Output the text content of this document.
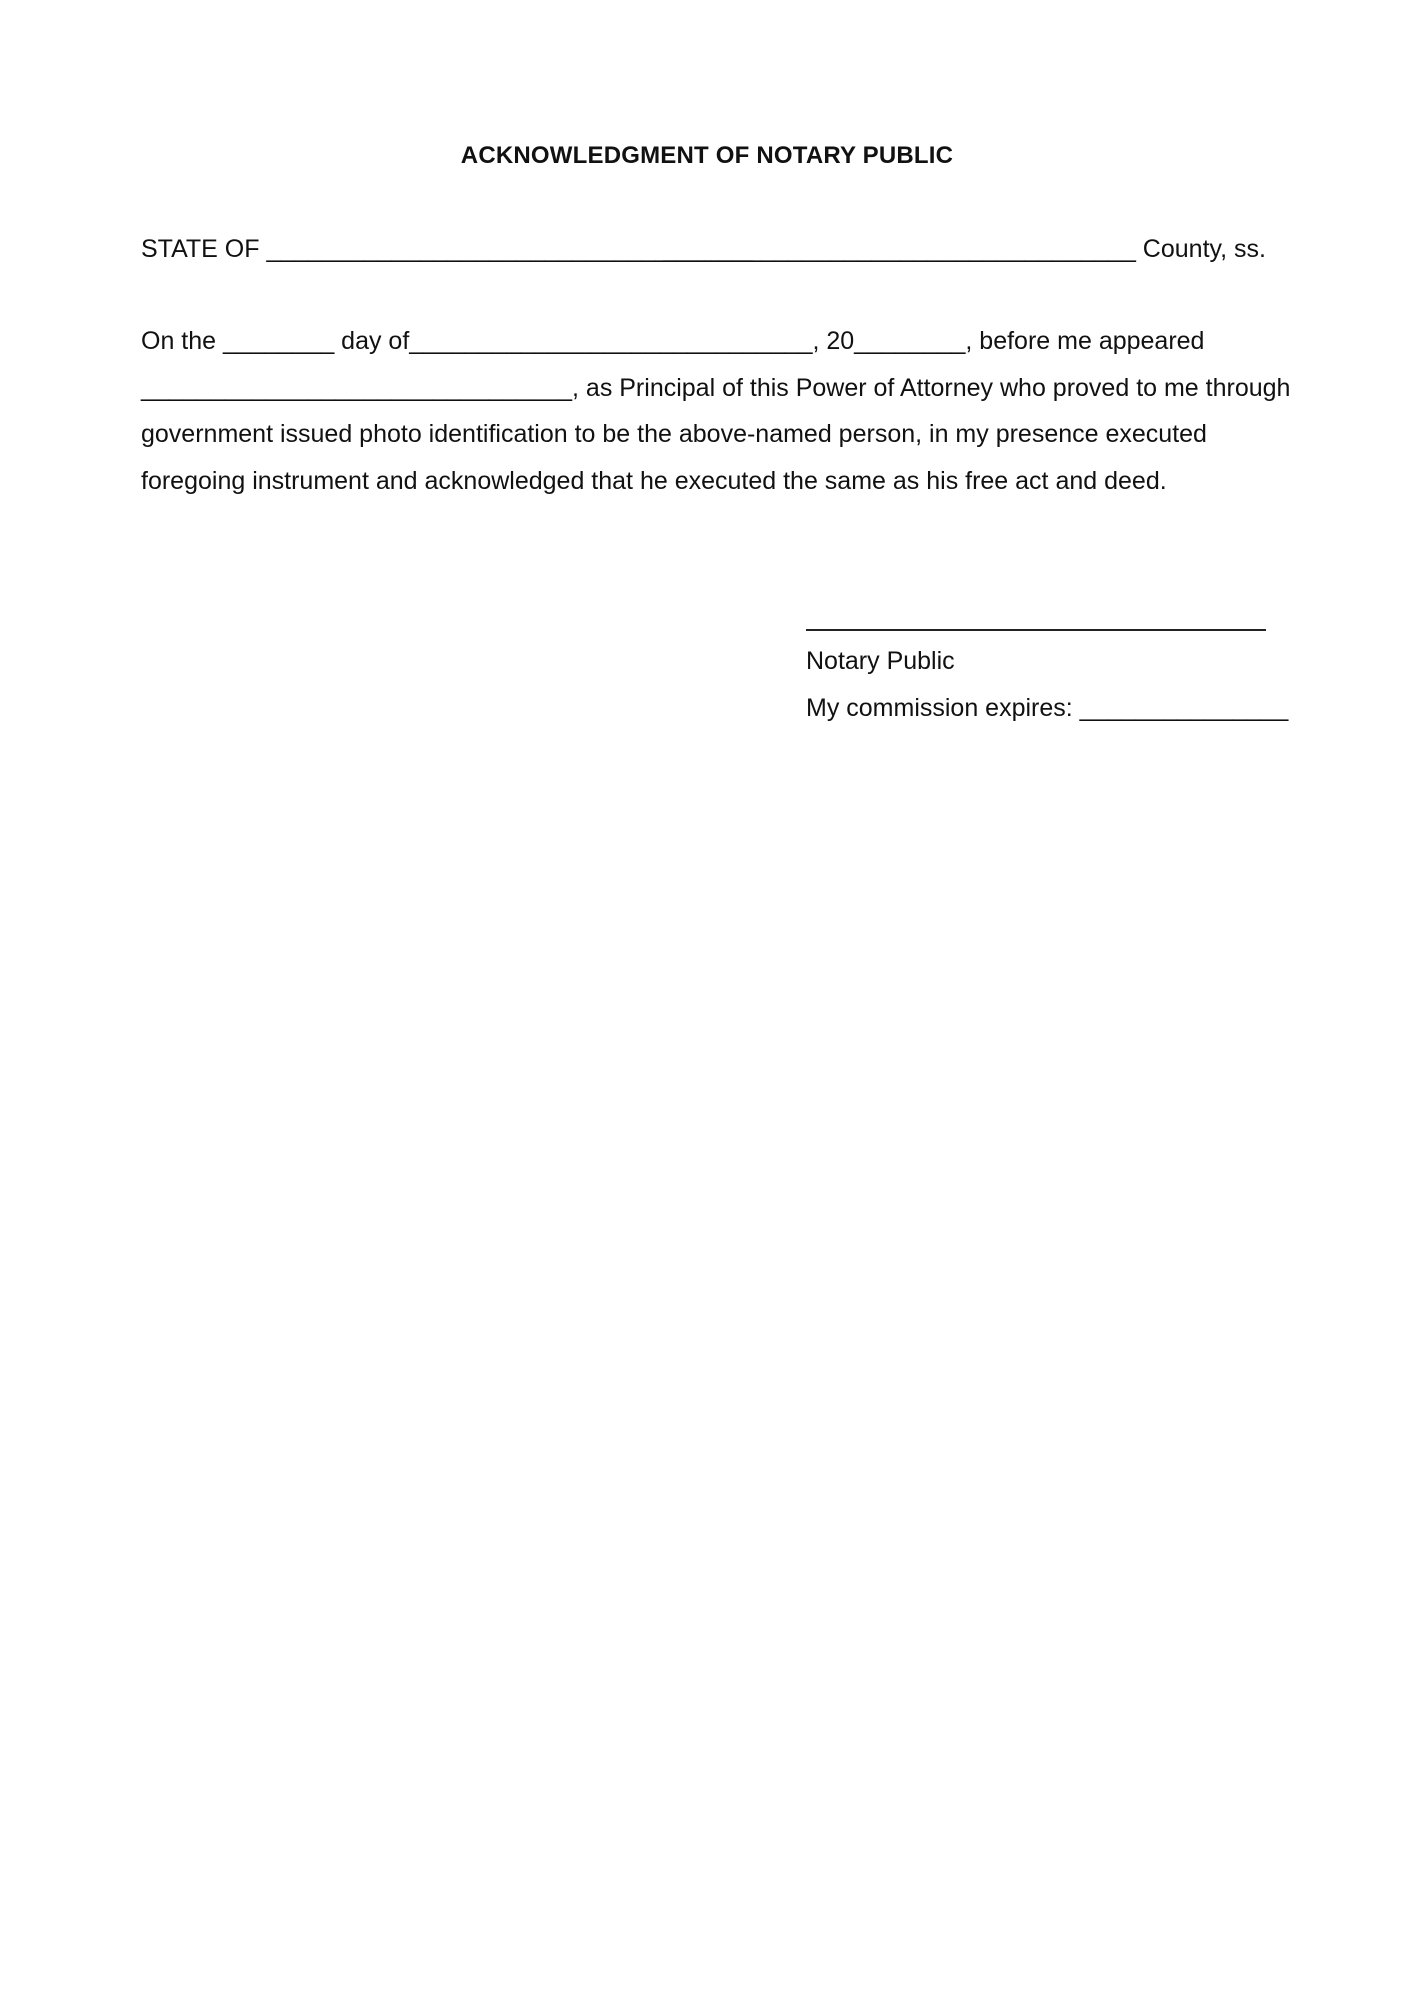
ACKNOWLEDGMENT OF NOTARY PUBLIC
STATE OF ___________________________________
__________________________________ County, ss.
On the ________ day of_____________________________, 20________, before me appeared
_______________________________, as Principal of this Power of Attorney who proved to me through
government issued photo identification to be the above-named person, in my presence executed
foregoing instrument and acknowledged that he executed the same as his free act and deed.
Notary Public
My commission expires: _______________
